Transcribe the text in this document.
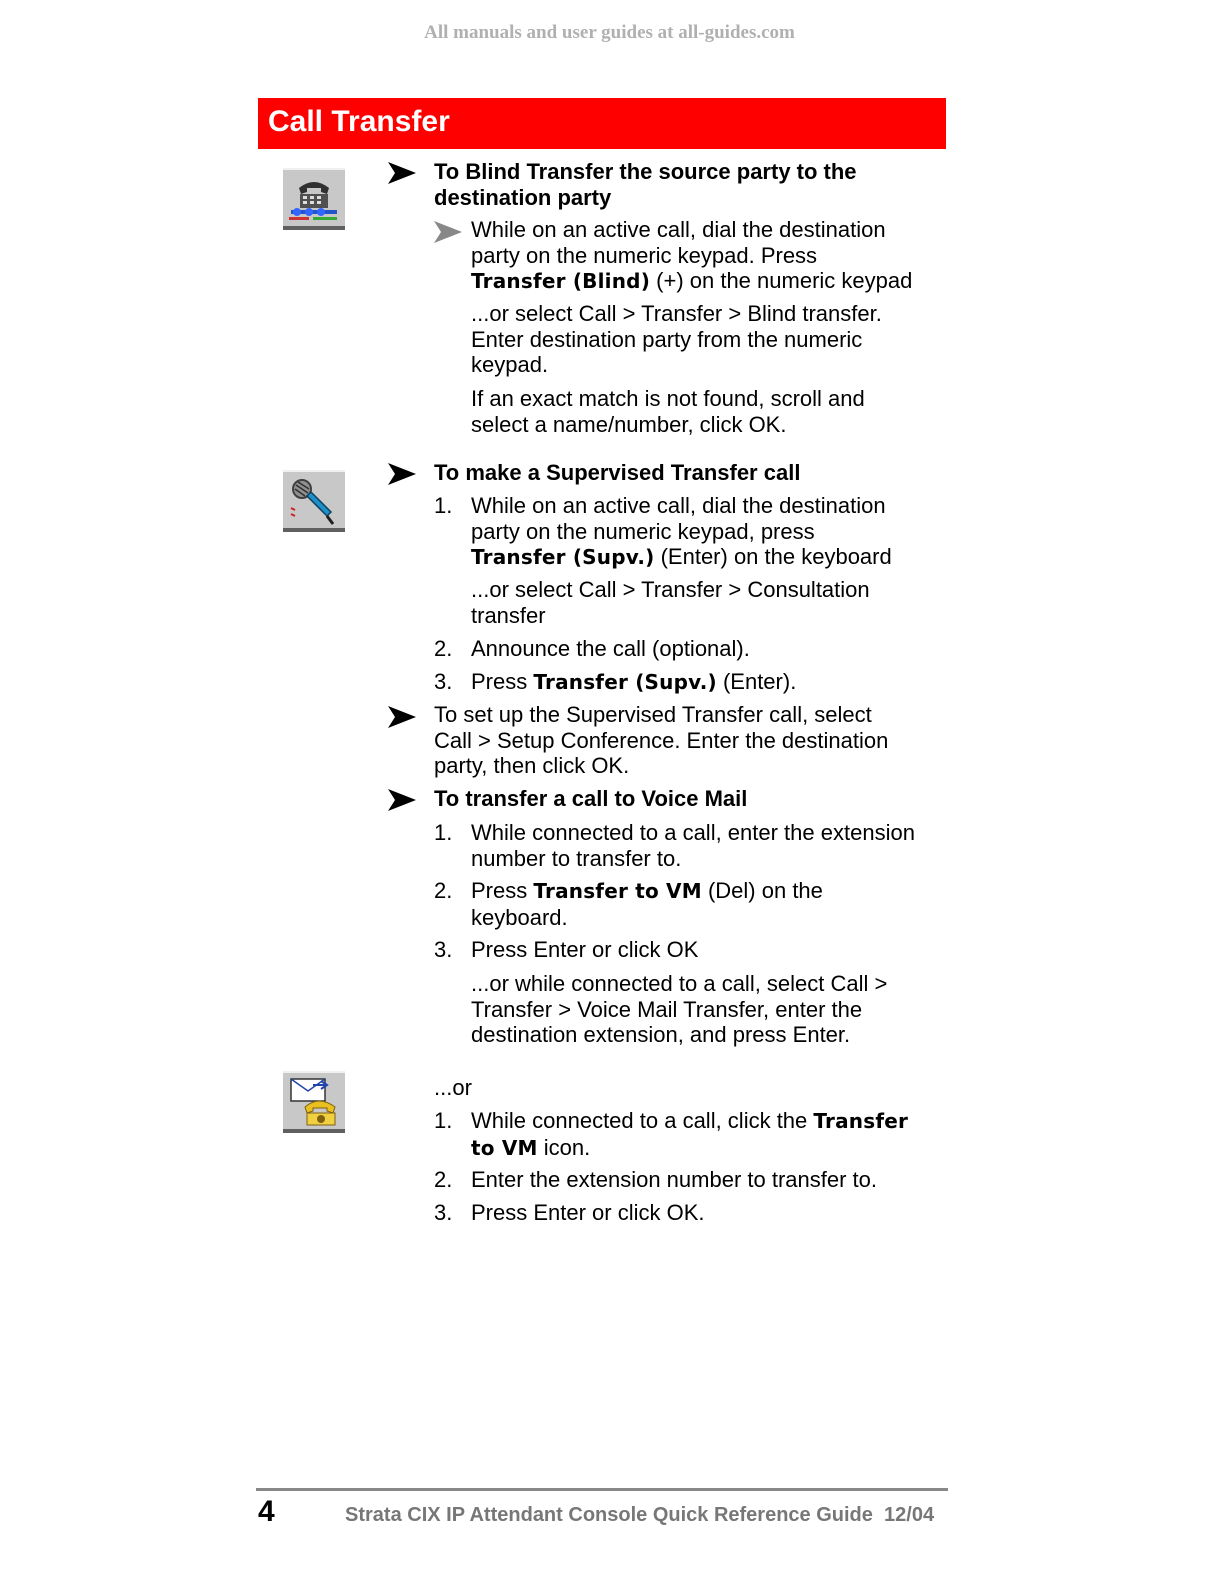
All manuals and user guides at all-guides.com
Call Transfer
To Blind Transfer the source party to the
destination party
While on an active call, dial the destination
party on the numeric keypad. Press
Transfer (Blind) (+) on the numeric keypad
...or select Call > Transfer > Blind transfer.
Enter destination party from the numeric
keypad.
If an exact match is not found, scroll and
select a name/number, click OK.
To make a Supervised Transfer call
1. While on an active call, dial the destination
party on the numeric keypad, press
Transfer (Supv.) (Enter) on the keyboard
...or select Call > Transfer > Consultation
transfer
2. Announce the call (optional).
3. Press Transfer (Supv.) (Enter).
To set up the Supervised Transfer call, select
Call > Setup Conference. Enter the destination
party, then click OK.
To transfer a call to Voice Mail
1. While connected to a call, enter the extension
number to transfer to.
2. Press Transfer to VM (Del) on the
keyboard.
3. Press Enter or click OK
...or while connected to a call, select Call >
Transfer > Voice Mail Transfer, enter the
destination extension, and press Enter.
...or
1. While connected to a call, click the Transfer
to VM icon.
2. Enter the extension number to transfer to.
3. Press Enter or click OK.
4	Strata CIX IP Attendant Console Quick Reference Guide 12/04
